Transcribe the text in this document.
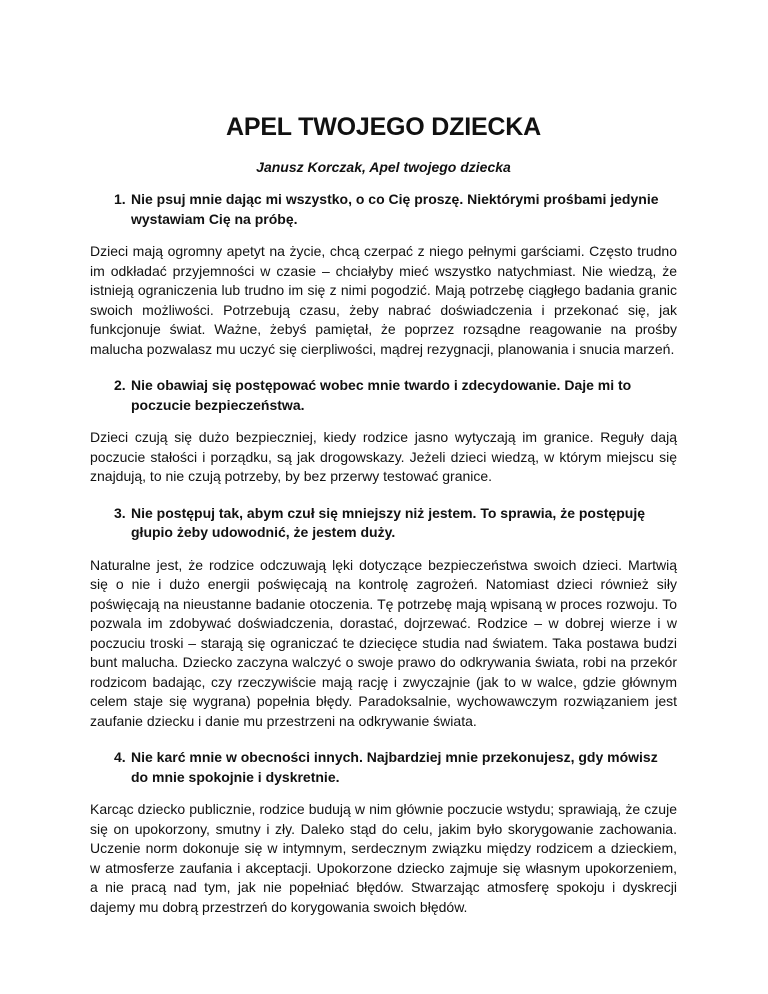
APEL TWOJEGO DZIECKA
Janusz Korczak, Apel twojego dziecka
1. Nie psuj mnie dając mi wszystko, o co Cię proszę. Niektórymi prośbami jedynie wystawiam Cię na próbę.

Dzieci mają ogromny apetyt na życie, chcą czerpać z niego pełnymi garściami. Często trudno im odkładać przyjemności w czasie – chciałyby mieć wszystko natychmiast. Nie wiedzą, że istnieją ograniczenia lub trudno im się z nimi pogodzić. Mają potrzebę ciągłego badania granic swoich możliwości. Potrzebują czasu, żeby nabrać doświadczenia i przekonać się, jak funkcjonuje świat. Ważne, żebyś pamiętał, że poprzez rozsądne reagowanie na prośby malucha pozwalasz mu uczyć się cierpliwości, mądrej rezygnacji, planowania i snucia marzeń.

2. Nie obawiaj się postępować wobec mnie twardo i zdecydowanie. Daje mi to poczucie bezpieczeństwa.

Dzieci czują się dużo bezpieczniej, kiedy rodzice jasno wytyczają im granice. Reguły dają poczucie stałości i porządku, są jak drogowskazy. Jeżeli dzieci wiedzą, w którym miejscu się znajdują, to nie czują potrzeby, by bez przerwy testować granice.

3. Nie postępuj tak, abym czuł się mniejszy niż jestem. To sprawia, że postępuję głupio żeby udowodnić, że jestem duży.

Naturalne jest, że rodzice odczuwają lęki dotyczące bezpieczeństwa swoich dzieci. Martwią się o nie i dużo energii poświęcają na kontrolę zagrożeń. Natomiast dzieci również siły poświęcają na nieustanne badanie otoczenia. Tę potrzebę mają wpisaną w proces rozwoju. To pozwala im zdobywać doświadczenia, dorastać, dojrzewać. Rodzice – w dobrej wierze i w poczuciu troski – starają się ograniczać te dziecięce studia nad światem. Taka postawa budzi bunt malucha. Dziecko zaczyna walczyć o swoje prawo do odkrywania świata, robi na przekór rodzicom badając, czy rzeczywiście mają rację i zwyczajnie (jak to w walce, gdzie głównym celem staje się wygrana) popełnia błędy. Paradoksalnie, wychowawczym rozwiązaniem jest zaufanie dziecku i danie mu przestrzeni na odkrywanie świata.

4. Nie karć mnie w obecności innych. Najbardziej mnie przekonujesz, gdy mówisz do mnie spokojnie i dyskretnie.

Karcąc dziecko publicznie, rodzice budują w nim głównie poczucie wstydu; sprawiają, że czuje się on upokorzony, smutny i zły. Daleko stąd do celu, jakim było skorygowanie zachowania. Uczenie norm dokonuje się w intymnym, serdecznym związku między rodzicem a dzieckiem, w atmosferze zaufania i akceptacji. Upokorzone dziecko zajmuje się własnym upokorzeniem, a nie pracą nad tym, jak nie popełniać błędów. Stwarzając atmosferę spokoju i dyskrecji dajemy mu dobrą przestrzeń do korygowania swoich błędów.
